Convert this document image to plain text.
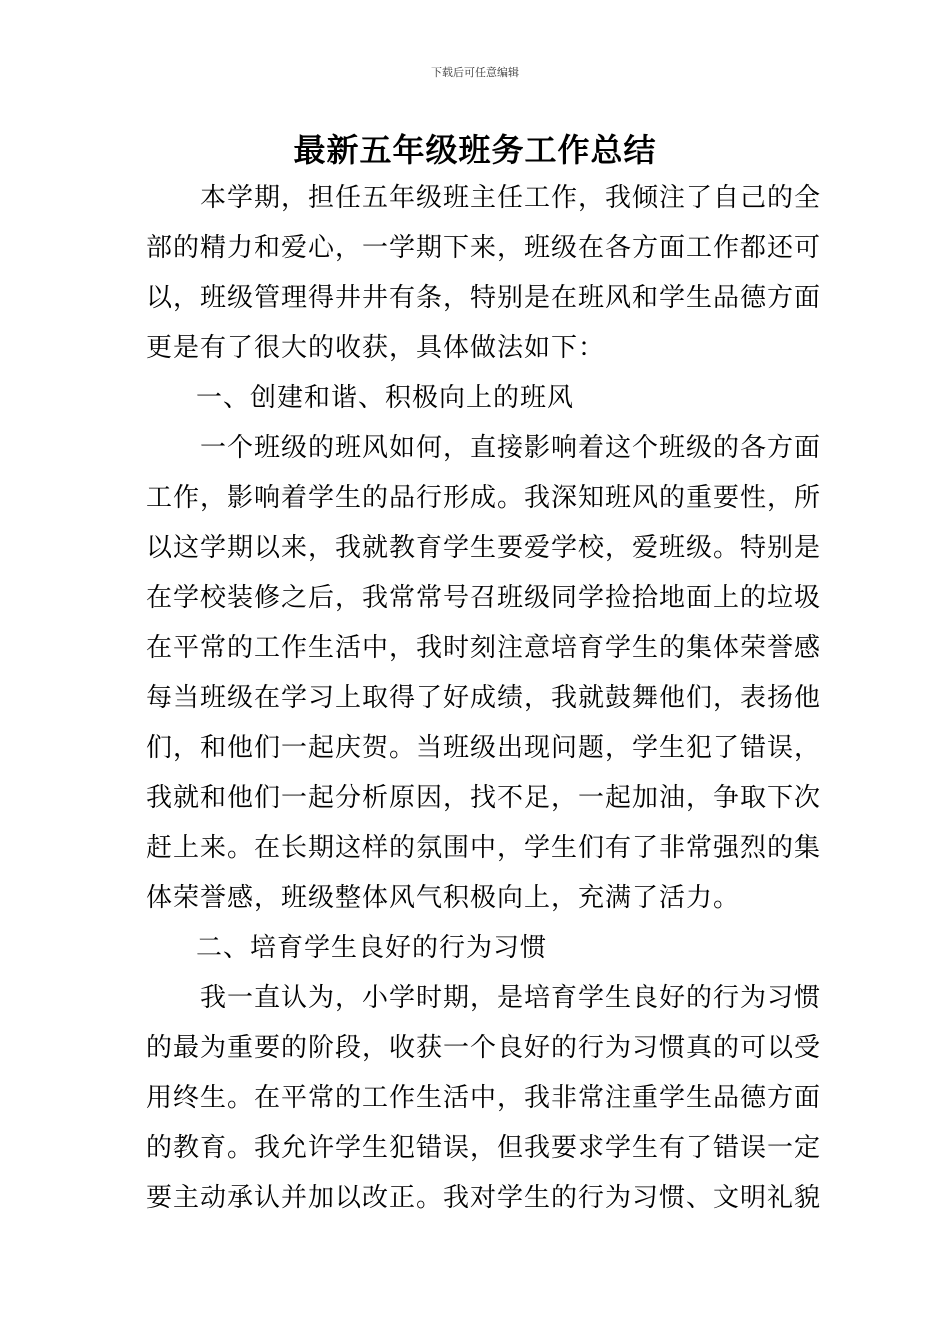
下载后可任意编辑
最新五年级班务工作总结
本学期，担任五年级班主任工作，我倾注了自己的全
部的精力和爱心，一学期下来，班级在各方面工作都还可
以，班级管理得井井有条，特别是在班风和学生品德方面
更是有了很大的收获，具体做法如下：
一、创建和谐、积极向上的班风
一个班级的班风如何，直接影响着这个班级的各方面
工作，影响着学生的品行形成。我深知班风的重要性，所
以这学期以来，我就教育学生要爱学校，爱班级。特别是
在学校装修之后，我常常号召班级同学捡拾地面上的垃圾
在平常的工作生活中，我时刻注意培育学生的集体荣誉感
每当班级在学习上取得了好成绩，我就鼓舞他们，表扬他
们，和他们一起庆贺。当班级出现问题，学生犯了错误，
我就和他们一起分析原因，找不足，一起加油，争取下次
赶上来。在长期这样的氛围中，学生们有了非常强烈的集
体荣誉感，班级整体风气积极向上，充满了活力。
二、培育学生良好的行为习惯
我一直认为，小学时期，是培育学生良好的行为习惯
的最为重要的阶段，收获一个良好的行为习惯真的可以受
用终生。在平常的工作生活中，我非常注重学生品德方面
的教育。我允许学生犯错误，但我要求学生有了错误一定
要主动承认并加以改正。我对学生的行为习惯、文明礼貌
